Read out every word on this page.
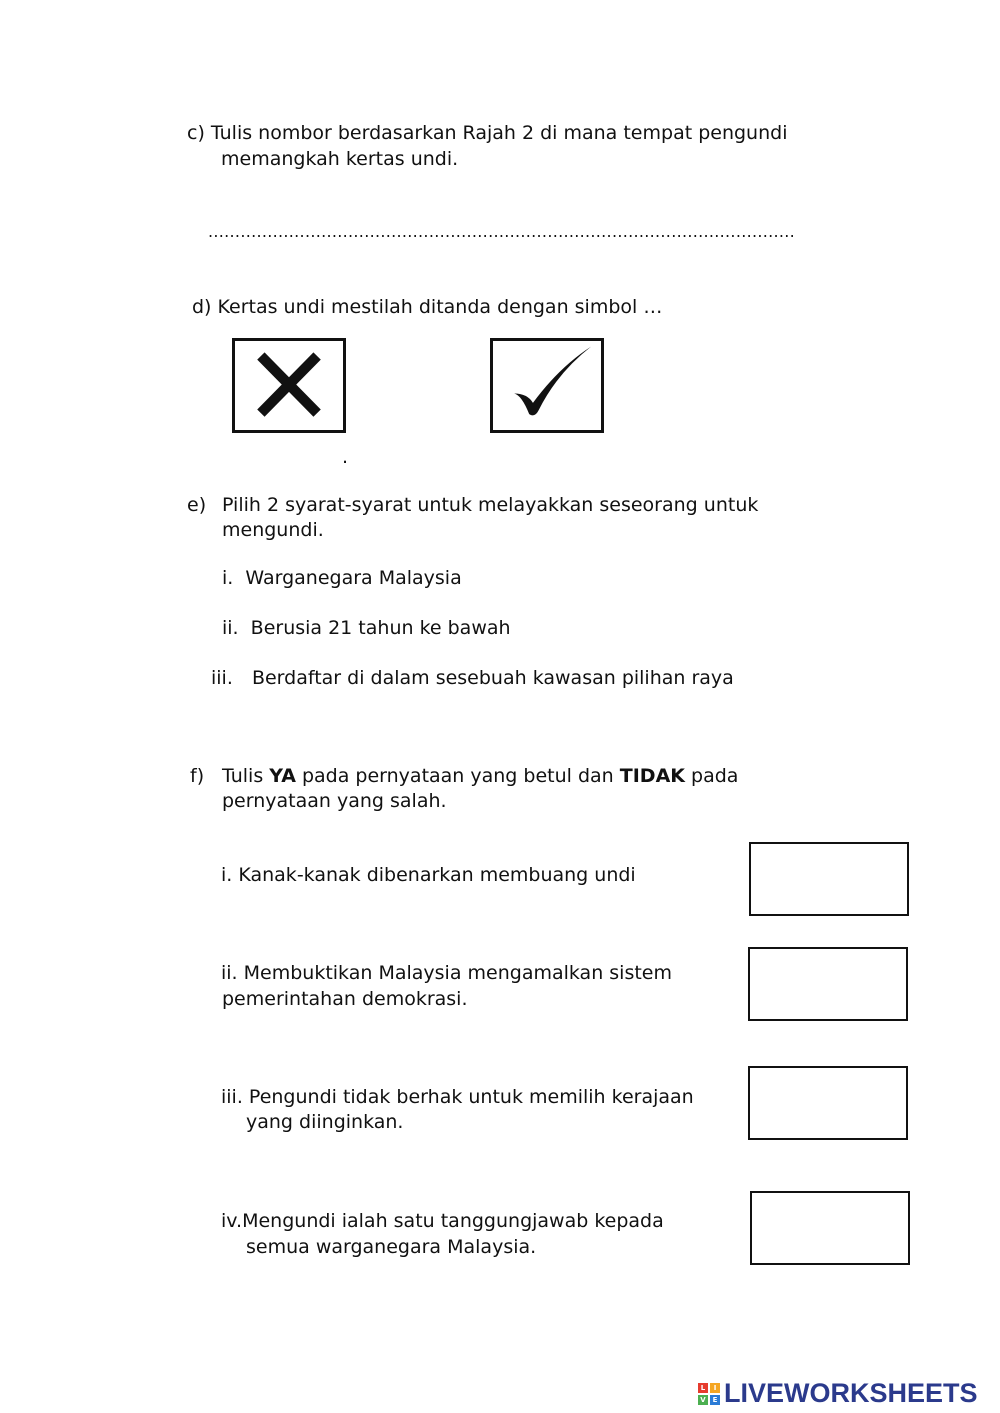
c) Tulis nombor berdasarkan Rajah 2 di mana tempat pengundi
memangkah kertas undi.
.............................................................................................................
d) Kertas undi mestilah ditanda dengan simbol …
.
e) Pilih 2 syarat-syarat untuk melayakkan seseorang untuk
mengundi.
i. Warganegara Malaysia
ii. Berusia 21 tahun ke bawah
iii. Berdaftar di dalam sesebuah kawasan pilihan raya
f) Tulis YA pada pernyataan yang betul dan TIDAK pada
pernyataan yang salah.
i. Kanak-kanak dibenarkan membuang undi
ii. Membuktikan Malaysia mengamalkan sistem
pemerintahan demokrasi.
iii. Pengundi tidak berhak untuk memilih kerajaan
yang diinginkan.
iv.Mengundi ialah satu tanggungjawab kepada
semua warganegara Malaysia.
L	I
V E LIVEWORKSHEETS
